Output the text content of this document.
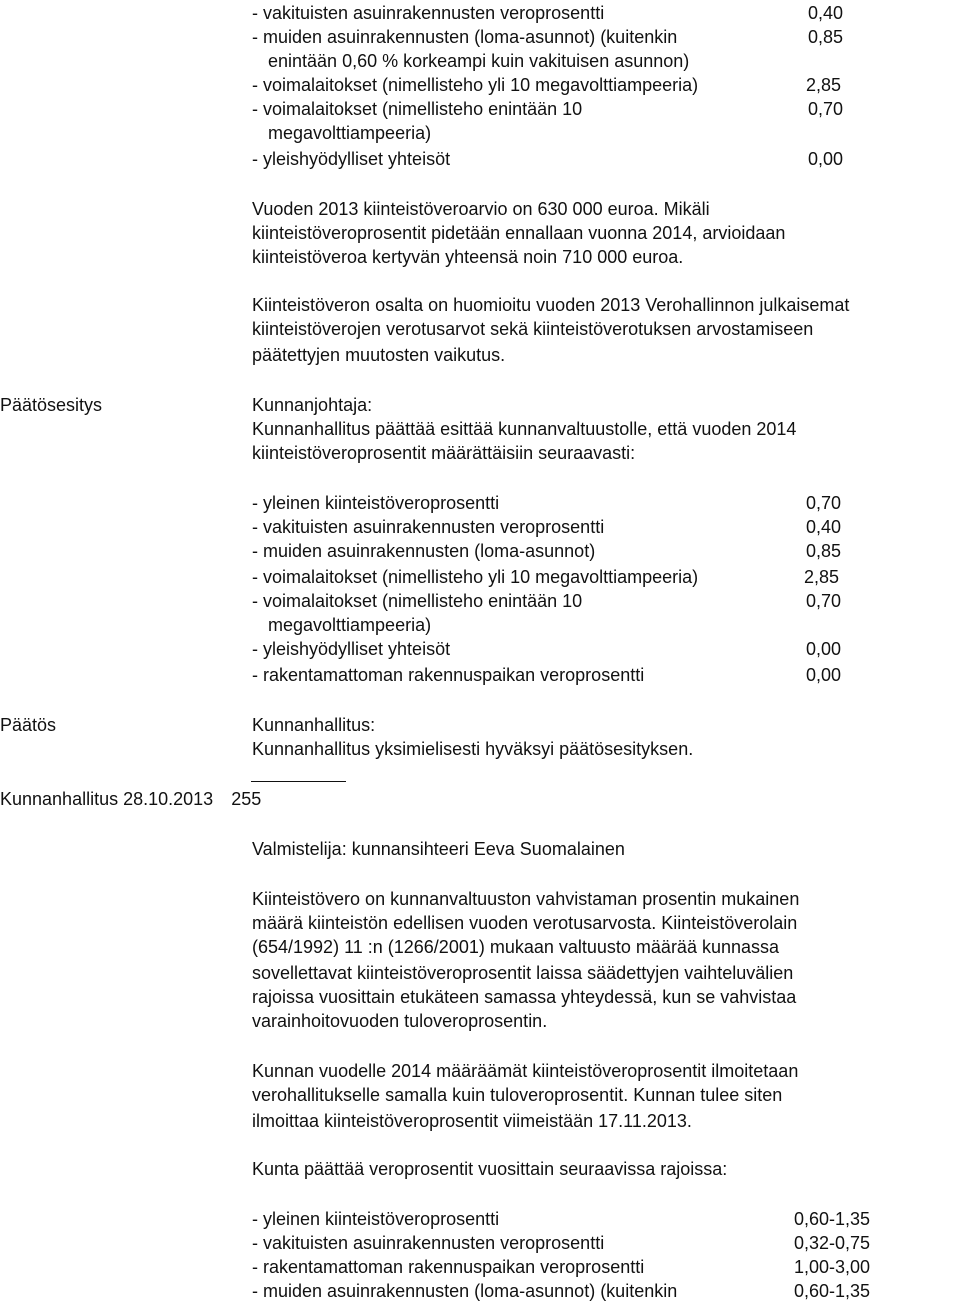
- vakituisten asuinrakennusten veroprosentti	0,40
- muiden asuinrakennusten (loma-asunnot) (kuitenkin	0,85
enintään 0,60 % korkeampi kuin vakituisen asunnon)
- voimalaitokset (nimellisteho yli 10 megavolttiampeeria)	2,85
- voimalaitokset (nimellisteho enintään 10	0,70
megavolttiampeeria)
- yleishyödylliset yhteisöt	0,00
Vuoden 2013 kiinteistöveroarvio on 630 000 euroa. Mikäli
kiinteistöveroprosentit pidetään ennallaan vuonna 2014, arvioidaan
kiinteistöveroa kertyvän yhteensä noin 710 000 euroa.
Kiinteistöveron osalta on huomioitu vuoden 2013 Verohallinnon julkaisemat
kiinteistöverojen verotusarvot sekä kiinteistöverotuksen arvostamiseen
päätettyjen muutosten vaikutus.
Päätösesitys	Kunnanjohtaja:
Kunnanhallitus päättää esittää kunnanvaltuustolle, että vuoden 2014
kiinteistöveroprosentit määrättäisiin seuraavasti:
- yleinen kiinteistöveroprosentti	0,70
- vakituisten asuinrakennusten veroprosentti	0,40
- muiden asuinrakennusten (loma-asunnot)	0,85
- voimalaitokset (nimellisteho yli 10 megavolttiampeeria)	2,85
- voimalaitokset (nimellisteho enintään 10	0,70
megavolttiampeeria)
- yleishyödylliset yhteisöt	0,00
- rakentamattoman rakennuspaikan veroprosentti	0,00
Päätös	Kunnanhallitus:
Kunnanhallitus yksimielisesti hyväksyi päätösesityksen.
Kunnanhallitus 28.10.2013 255
Valmistelija: kunnansihteeri Eeva Suomalainen
Kiinteistövero on kunnanvaltuuston vahvistaman prosentin mukainen
määrä kiinteistön edellisen vuoden verotusarvosta. Kiinteistöverolain
(654/1992) 11 :n (1266/2001) mukaan valtuusto määrää kunnassa
sovellettavat kiinteistöveroprosentit laissa säädettyjen vaihteluvälien
rajoissa vuosittain etukäteen samassa yhteydessä, kun se vahvistaa
varainhoitovuoden tuloveroprosentin.
Kunnan vuodelle 2014 määräämät kiinteistöveroprosentit ilmoitetaan
verohallitukselle samalla kuin tuloveroprosentit. Kunnan tulee siten
ilmoittaa kiinteistöveroprosentit viimeistään 17.11.2013.
Kunta päättää veroprosentit vuosittain seuraavissa rajoissa:
- yleinen kiinteistöveroprosentti	0,60-1,35
- vakituisten asuinrakennusten veroprosentti	0,32-0,75
- rakentamattoman rakennuspaikan veroprosentti	1,00-3,00
- muiden asuinrakennusten (loma-asunnot) (kuitenkin	0,60-1,35
